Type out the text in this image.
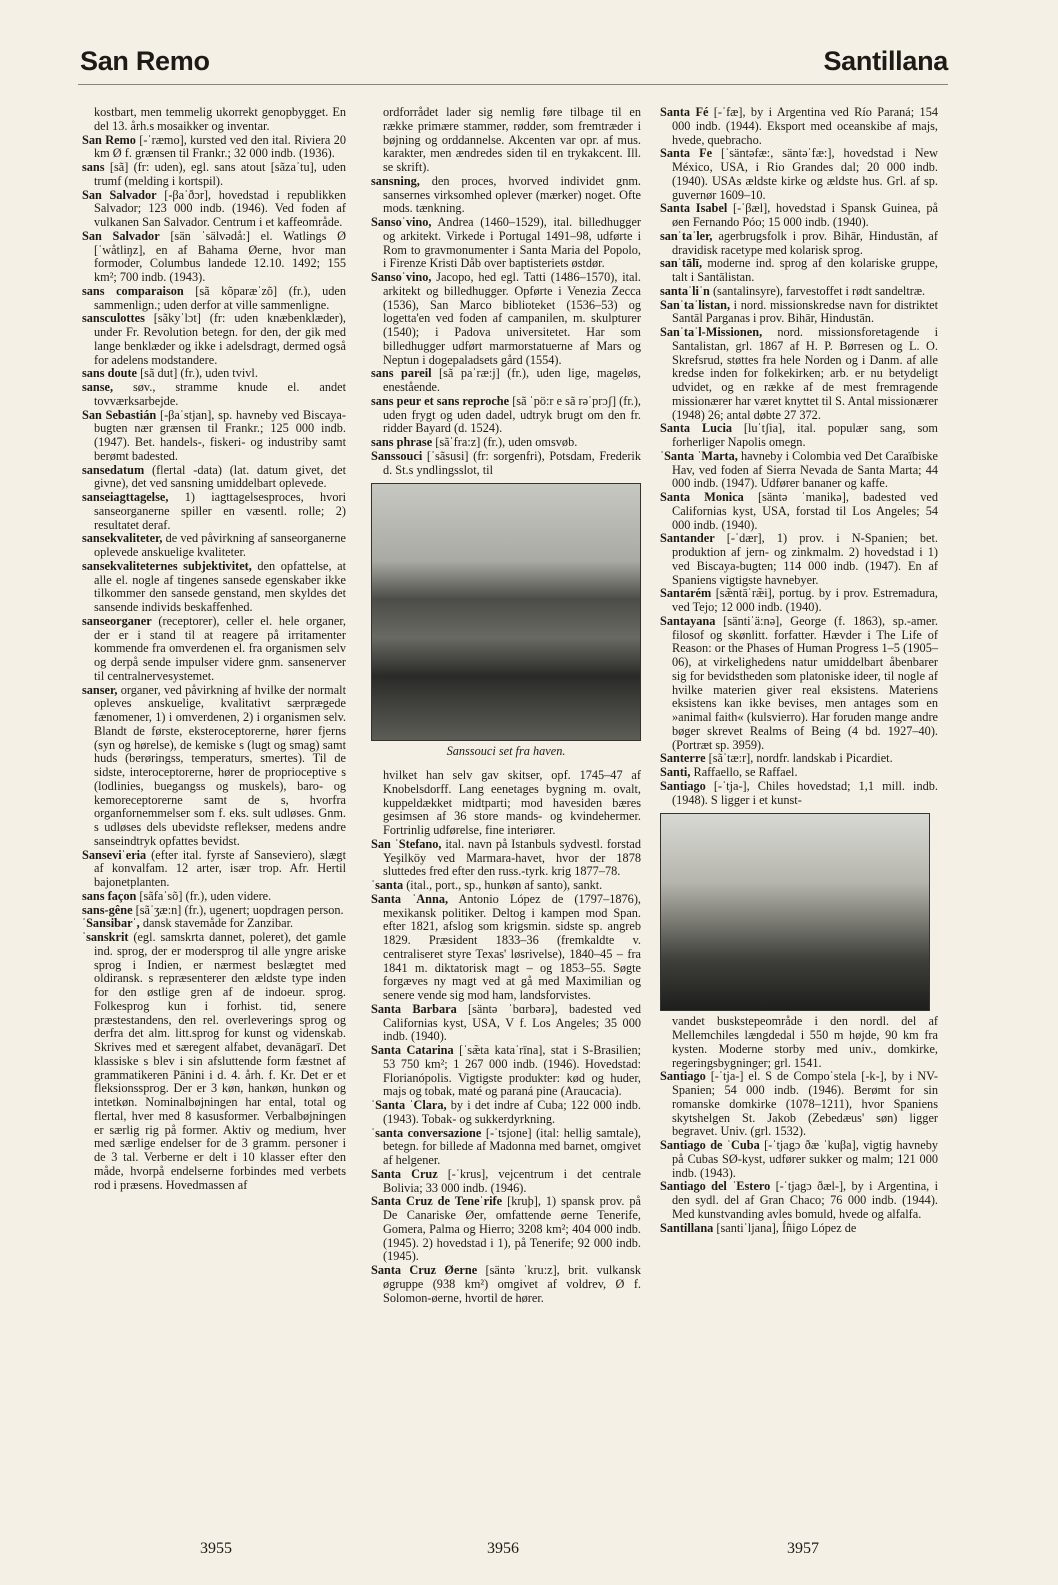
San Remo	Santillana

kostbart, men temmelig ukorrekt genopbygget. En del 13. årh.s mosaikker og inventar.

San Remo [-ˈræmo], kursted ved den ital. Riviera 20 km Ø f. grænsen til Frankr.; 32 000 indb. (1936).

sans [sã] (fr: uden), egl. sans atout [sãzaˈtu], uden trumf (melding i kortspil).

San Salvador [-βaˈðɔr], hovedstad i republikken Salvador; 123 000 indb. (1946). Ved foden af vulkanen San Salvador. Centrum i et kaffeområde.

San Salvador [sän ˈsälvədå:] el. Watlings Ø [ˈwåtliŋz], en af Bahama Øerne, hvor man formoder, Columbus landede 12.10. 1492; 155 km²; 700 indb. (1943).

sans comparaison [sã kõparæˈzõ] (fr.), uden sammenlign.; uden derfor at ville sammenligne.

sansculottes [sãkyˈlɔt] (fr: uden knæbenklæder), under Fr. Revolution betegn. for den, der gik med lange benklæder og ikke i adelsdragt, dermed også for adelens modstandere.

sans doute [sã dut] (fr.), uden tvivl.

sanse, søv., stramme knude el. andet tovværksarbejde.

San Sebastián [-βaˈstjan], sp. havneby ved Biscaya-bugten nær grænsen til Frankr.; 125 000 indb. (1947). Bet. handels-, fiskeri- og industriby samt berømt badested.

sansedatum (flertal -data) (lat. datum givet, det givne), det ved sansning umiddelbart oplevede.

sanseiagttagelse, 1) iagttagelsesproces, hvori sanseorganerne spiller en væsentl. rolle; 2) resultatet deraf.

sansekvaliteter, de ved påvirkning af sanseorganerne oplevede anskuelige kvaliteter.

sansekvaliteternes subjektivitet, den opfattelse, at alle el. nogle af tingenes sansede egenskaber ikke tilkommer den sansede genstand, men skyldes det sansende individs beskaffenhed.

sanseorganer (receptorer), celler el. hele organer, der er i stand til at reagere på irritamenter kommende fra omverdenen el. fra organismen selv og derpå sende impulser videre gnm. sansenerver til centralnervesystemet.

sanser, organer, ved påvirkning af hvilke der normalt opleves anskuelige, kvalitativt særprægede fænomener, 1) i omverdenen, 2) i organismen selv. Blandt de første, eksteroceptorerne, hører fjerns (syn og hørelse), de kemiske s (lugt og smag) samt huds (berøringss, temperaturs, smertes). Til de sidste, interoceptorerne, hører de proprioceptive s (lodlinies, buegangss og muskels), baro- og kemoreceptorerne samt de s, hvorfra organfornemmelser som f. eks. sult udløses. Gnm. s udløses dels ubevidste reflekser, medens andre sanseindtryk opfattes bevidst.

Sanseviˈeria (efter ital. fyrste af Sanseviero), slægt af konvalfam. 12 arter, især trop. Afr. Hertil bajonetplanten.

sans façon [sãfaˈsõ] (fr.), uden videre.

sans-gêne [sãˈʒæ:n] (fr.), ugenert; uopdragen person.

ˈSansibarˈ, dansk stavemåde for Zanzibar.

ˈsanskrit (egl. samskrta dannet, poleret), det gamle ind. sprog, der er modersprog til alle yngre ariske sprog i Indien, er nærmest beslægtet med oldiransk. s repræsenterer den ældste type inden for den østlige gren af de indoeur. sprog. Folkesprog kun i forhist. tid, senere præstestandens, den rel. overleverings sprog og derfra det alm. litt.sprog for kunst og videnskab. Skrives med et særegent alfabet, devanāgarī. Det klassiske s blev i sin afsluttende form fæstnet af grammatikeren Pānini i d. 4. årh. f. Kr. Det er et fleksionssprog. Der er 3 køn, hankøn, hunkøn og intetkøn. Nominalbøjningen har ental, total og flertal, hver med 8 kasusformer. Verbalbøjningen er særlig rig på former. Aktiv og medium, hver med særlige endelser for de 3 gramm. personer i de 3 tal. Verberne er delt i 10 klasser efter den måde, hvorpå endelserne forbindes med verbets rod i præsens. Hovedmassen af

ordforrådet lader sig nemlig føre tilbage til en række primære stammer, rødder, som fremtræder i bøjning og orddannelse. Akcenten var opr. af mus. karakter, men ændredes siden til en trykakcent. Ill. se skrift).

sansning, den proces, hvorved individet gnm. sansernes virksomhed oplever (mærker) noget. Ofte mods. tænkning.

Sansoˈvino, Andrea (1460–1529), ital. billedhugger og arkitekt. Virkede i Portugal 1491–98, udførte i Rom to gravmonumenter i Santa Maria del Popolo, i Firenze Kristi Dåb over baptisteriets østdør.

Sansoˈvino, Jacopo, hed egl. Tatti (1486–1570), ital. arkitekt og billedhugger. Opførte i Venezia Zecca (1536), San Marco biblioteket (1536–53) og logetta'en ved foden af campanilen, m. skulpturer (1540); i Padova universitetet. Har som billedhugger udført marmorstatuerne af Mars og Neptun i dogepaladsets gård (1554).

sans pareil [sã paˈræ:j] (fr.), uden lige, mageløs, enestående.

sans peur et sans reproche [sã ˈpö:r e sã rəˈprɔʃ] (fr.), uden frygt og uden dadel, udtryk brugt om den fr. ridder Bayard (d. 1524).

sans phrase [sãˈfra:z] (fr.), uden omsvøb.

Sanssouci [ˈsãsusi] (fr: sorgenfri), Potsdam, Frederik d. St.s yndlingsslot, til

Sanssouci set fra haven.

hvilket han selv gav skitser, opf. 1745–47 af Knobelsdorff. Lang eenetages bygning m. ovalt, kuppeldækket midtparti; mod havesiden bæres gesimsen af 36 store mands- og kvindehermer. Fortrinlig udførelse, fine interiører.

San ˈStefano, ital. navn på Istanbuls sydvestl. forstad Yeşilköy ved Marmara-havet, hvor der 1878 sluttedes fred efter den russ.-tyrk. krig 1877–78.

ˈsanta (ital., port., sp., hunkøn af santo), sankt.

Santa ˈAnna, Antonio López de (1797–1876), mexikansk politiker. Deltog i kampen mod Span. efter 1821, afslog som krigsmin. sidste sp. angreb 1829. Præsident 1833–36 (fremkaldte v. centraliseret styre Texas' løsrivelse), 1840–45 – fra 1841 m. diktatorisk magt – og 1853–55. Søgte forgæves ny magt ved at gå med Maximilian og senere vende sig mod ham, landsforvistes.

Santa Barbara [säntə ˈbɑrbərə], badested ved Californias kyst, USA, V f. Los Angeles; 35 000 indb. (1940).

Santa Catarina [ˈsæ̃ta kataˈrīna], stat i S-Brasilien; 53 750 km²; 1 267 000 indb. (1946). Hovedstad: Florianópolis. Vigtigste produkter: kød og huder, majs og tobak, maté og paraná pine (Araucacia).

ˈSanta ˈClara, by i det indre af Cuba; 122 000 indb. (1943). Tobak- og sukkerdyrkning.

ˈsanta conversazione [-ˈtsjone] (ital: hellig samtale), betegn. for billede af Madonna med barnet, omgivet af helgener.

Santa Cruz [-ˈkrus], vejcentrum i det centrale Bolivia; 33 000 indb. (1946).

Santa Cruz de Teneˈrife [kruþ], 1) spansk prov. på De Canariske Øer, omfattende øerne Tenerife, Gomera, Palma og Hierro; 3208 km²; 404 000 indb. (1945). 2) hovedstad i 1), på Tenerife; 92 000 indb. (1945).

Santa Cruz Øerne [säntə ˈkru:z], brit. vulkansk øgruppe (938 km²) omgivet af voldrev, Ø f. Solomon-øerne, hvortil de hører.

Santa Fé [-ˈfæ], by i Argentina ved Río Paraná; 154 000 indb. (1944). Eksport med oceanskibe af majs, hvede, quebracho.

Santa Fe [ˈsäntəfæ:, säntəˈfæ:], hovedstad i New México, USA, i Rio Grandes dal; 20 000 indb. (1940). USAs ældste kirke og ældste hus. Grl. af sp. guvernør 1609–10.

Santa Isabel [-ˈβæl], hovedstad i Spansk Guinea, på øen Fernando Póo; 15 000 indb. (1940).

sanˈtaˈler, agerbrugsfolk i prov. Bihār, Hindustān, af dravidisk racetype med kolarisk sprog.

sanˈtālī, moderne ind. sprog af den kolariske gruppe, talt i Santālistan.

santaˈliˈn (santalinsyre), farvestoffet i rødt sandeltræ.

Sanˈtaˈlistan, i nord. missionskredse navn for distriktet Santāl Parganas i prov. Bihār, Hindustān.

Sanˈtaˈl-Missionen, nord. missionsforetagende i Santalistan, grl. 1867 af H. P. Børresen og L. O. Skrefsrud, støttes fra hele Norden og i Danm. af alle kredse inden for folkekirken; arb. er nu betydeligt udvidet, og en række af de mest fremragende missionærer har været knyttet til S. Antal missionærer (1948) 26; antal døbte 27 372.

Santa Lucia [luˈtʃia], ital. populær sang, som forherliger Napolis omegn.

ˈSanta ˈMarta, havneby i Colombia ved Det Caraïbiske Hav, ved foden af Sierra Nevada de Santa Marta; 44 000 indb. (1947). Udfører bananer og kaffe.

Santa Monica [säntə ˈmanikə], badested ved Californias kyst, USA, forstad til Los Angeles; 54 000 indb. (1940).

Santander [-ˈdær], 1) prov. i N-Spanien; bet. produktion af jern- og zinkmalm. 2) hovedstad i 1) ved Biscaya-bugten; 114 000 indb. (1947). En af Spaniens vigtigste havnebyer.

Santarém [sæ̃ntāˈræ̃i], portug. by i prov. Estremadura, ved Tejo; 12 000 indb. (1940).

Santayana [säntiˈä:nə], George (f. 1863), sp.-amer. filosof og skønlitt. forfatter. Hævder i The Life of Reason: or the Phases of Human Progress 1–5 (1905–06), at virkelighedens natur umiddelbart åbenbarer sig for bevidstheden som platoniske ideer, til nogle af hvilke materien giver real eksistens. Materiens eksistens kan ikke bevises, men antages som en »animal faith« (kulsvierro). Har foruden mange andre bøger skrevet Realms of Being (4 bd. 1927–40). (Portræt sp. 3959).

Santerre [sãˈtæ:r], nordfr. landskab i Picardiet.

Santi, Raffaello, se Raffael.

Santiago [-ˈtja-], Chiles hovedstad; 1,1 mill. indb. (1948). S ligger i et kunst-

vandet buskstepeområde i den nordl. del af Mellemchiles længdedal i 550 m højde, 90 km fra kysten. Moderne storby med univ., domkirke, regeringsbygninger; grl. 1541.

Santiago [-ˈtja-] el. S de Compoˈstela [-k-], by i NV-Spanien; 54 000 indb. (1946). Berømt for sin romanske domkirke (1078–1211), hvor Spaniens skytshelgen St. Jakob (Zebedæus' søn) ligger begravet. Univ. (grl. 1532).

Santiago de ˈCuba [-ˈtjagɔ ðæ ˈkuβa], vigtig havneby på Cubas SØ-kyst, udfører sukker og malm; 121 000 indb. (1943).

Santiago del ˈEstero [-ˈtjagɔ ðæl-], by i Argentina, i den sydl. del af Gran Chaco; 76 000 indb. (1944). Med kunstvanding avles bomuld, hvede og alfalfa.

Santillana [santiˈljana], Íñigo López de

3955	3956	3957
